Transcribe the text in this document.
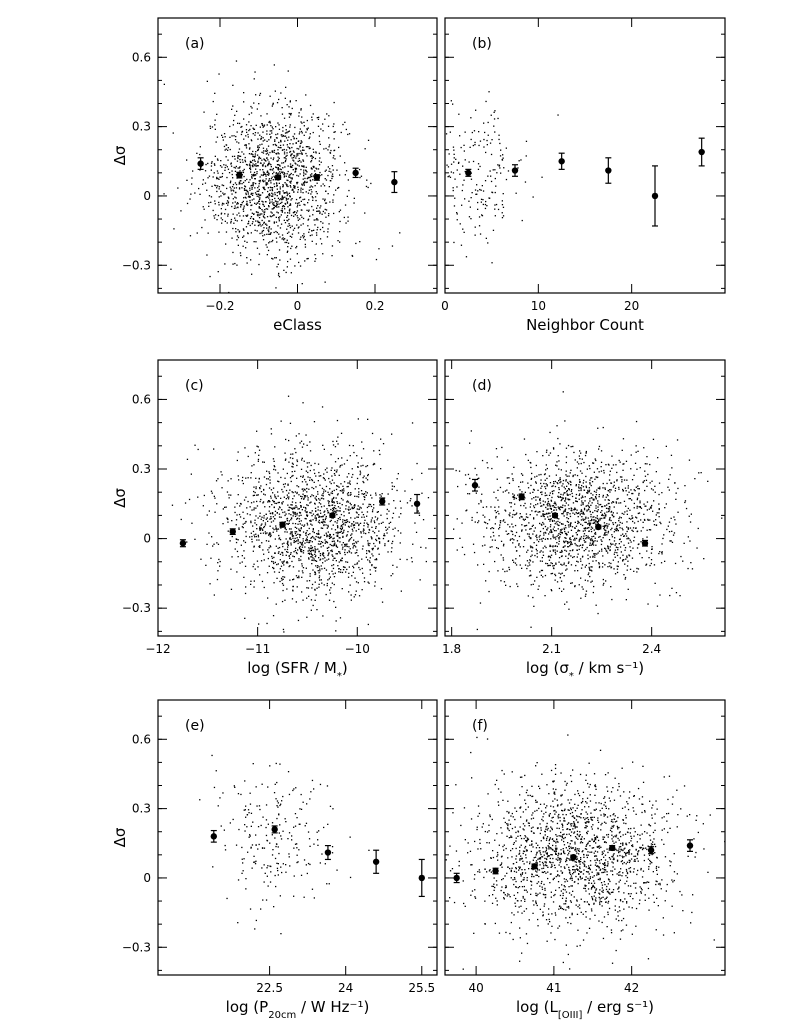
−0.3
0
0.3
0.6
−0.2	0	0.2
(a)
eClass
Δσ
0	10	20
(b)
Neighbor Count
−0.3
0
0.3
0.6
−12	−11	−10
(c)
$\log (SFR / M_*)$
Δσ
1.8	2.1	2.4
(d)
$\log (\sigma_*$ / km s⁻¹)
−0.3
0
0.3
0.6
22.5	24	25.5
(e)
$\log (P_{20cm}$ / W Hz⁻¹)
Δσ
40	41	42
(f)
$\log (L_{[OIII]}$ / erg s⁻¹)
